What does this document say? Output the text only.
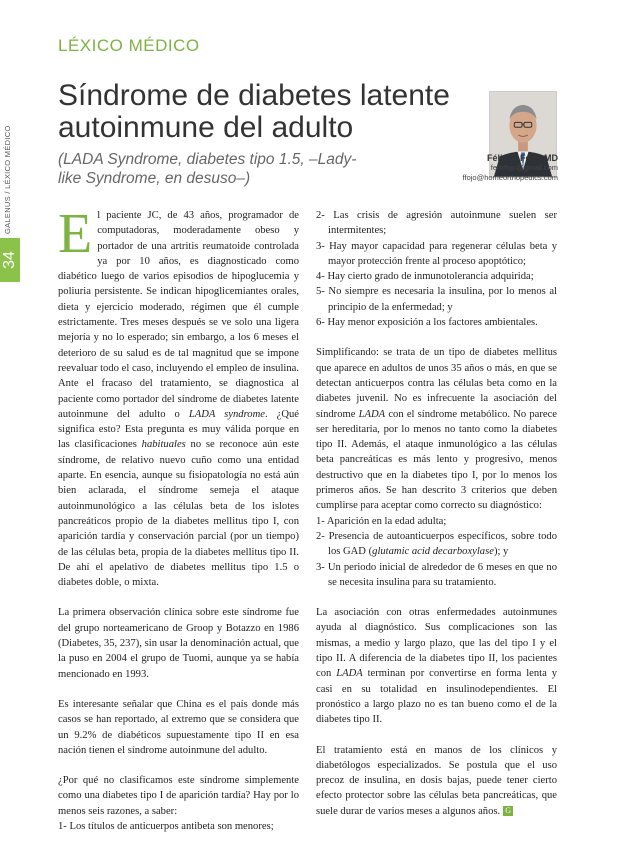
LÉXICO MÉDICO
34
GALENUS / LÉXICO MÉDICO
Síndrome de diabetes latente autoinmune del adulto
(LADA Syndrome, diabetes tipo 1.5, –Lady-like Syndrome, en desuso–)
Félix J. Fojo, MD
felixfojo@gmail.com
ffojo@homeorthopedics.com

El paciente JC, de 43 años, programador de computadoras, moderadamente obeso y portador de una artritis reumatoide controlada ya por 10 años, es diagnosticado como diabético luego de varios episodios de hipoglucemia y poliuria persistente. Se indican hipoglicemiantes orales, dieta y ejercicio moderado, régimen que él cumple estrictamente. Tres meses después se ve solo una ligera mejoría y no lo esperado; sin embargo, a los 6 meses el deterioro de su salud es de tal magnitud que se impone reevaluar todo el caso, incluyendo el empleo de insulina. Ante el fracaso del tratamiento, se diagnostica al paciente como portador del síndrome de diabetes latente autoinmune del adulto o LADA syndrome. ¿Qué significa esto? Esta pregunta es muy válida porque en las clasificaciones habituales no se reconoce aún este síndrome, de relativo nuevo cuño como una entidad aparte. En esencia, aunque su fisiopatología no está aún bien aclarada, el síndrome semeja el ataque autoinmunológico a las células beta de los islotes pancreáticos propio de la diabetes mellitus tipo I, con aparición tardía y conservación parcial (por un tiempo) de las células beta, propia de la diabetes mellitus tipo II. De ahí el apelativo de diabetes mellitus tipo 1.5 o diabetes doble, o mixta.

La primera observación clínica sobre este síndrome fue del grupo norteamericano de Groop y Botazzo en 1986 (Diabetes, 35, 237), sin usar la denominación actual, que la puso en 2004 el grupo de Tuomi, aunque ya se había mencionado en 1993.

Es interesante señalar que China es el país donde más casos se han reportado, al extremo que se considera que un 9.2% de diabéticos supuestamente tipo II en esa nación tienen el síndrome autoinmune del adulto.

¿Por qué no clasificamos este síndrome simplemente como una diabetes tipo I de aparición tardía? Hay por lo menos seis razones, a saber:

1- Los títulos de anticuerpos antibeta son menores;
2- Las crisis de agresión autoinmune suelen ser intermitentes;
3- Hay mayor capacidad para regenerar células beta y mayor protección frente al proceso apoptótico;
4- Hay cierto grado de inmunotolerancia adquirida;
5- No siempre es necesaria la insulina, por lo menos al principio de la enfermedad; y
6- Hay menor exposición a los factores ambientales.

Simplificando: se trata de un tipo de diabetes mellitus que aparece en adultos de unos 35 años o más, en que se detectan anticuerpos contra las células beta como en la diabetes juvenil. No es infrecuente la asociación del síndrome LADA con el síndrome metabólico. No parece ser hereditaria, por lo menos no tanto como la diabetes tipo II. Además, el ataque inmunológico a las células beta pancreáticas es más lento y progresivo, menos destructivo que en la diabetes tipo I, por lo menos los primeros años. Se han descrito 3 criterios que deben cumplirse para aceptar como correcto su diagnóstico:

1- Aparición en la edad adulta;
2- Presencia de autoanticuerpos específicos, sobre todo los GAD (glutamic acid decarboxylase); y
3- Un periodo inicial de alrededor de 6 meses en que no se necesita insulina para su tratamiento.

La asociación con otras enfermedades autoinmunes ayuda al diagnóstico. Sus complicaciones son las mismas, a medio y largo plazo, que las del tipo I y el tipo II. A diferencia de la diabetes tipo II, los pacientes con LADA terminan por convertirse en forma lenta y casi en su totalidad en insulinodependientes. El pronóstico a largo plazo no es tan bueno como el de la diabetes tipo II.

El tratamiento está en manos de los clínicos y diabetólogos especializados. Se postula que el uso precoz de insulina, en dosis bajas, puede tener cierto efecto protector sobre las células beta pancreáticas, que suele durar de varios meses a algunos años. G
